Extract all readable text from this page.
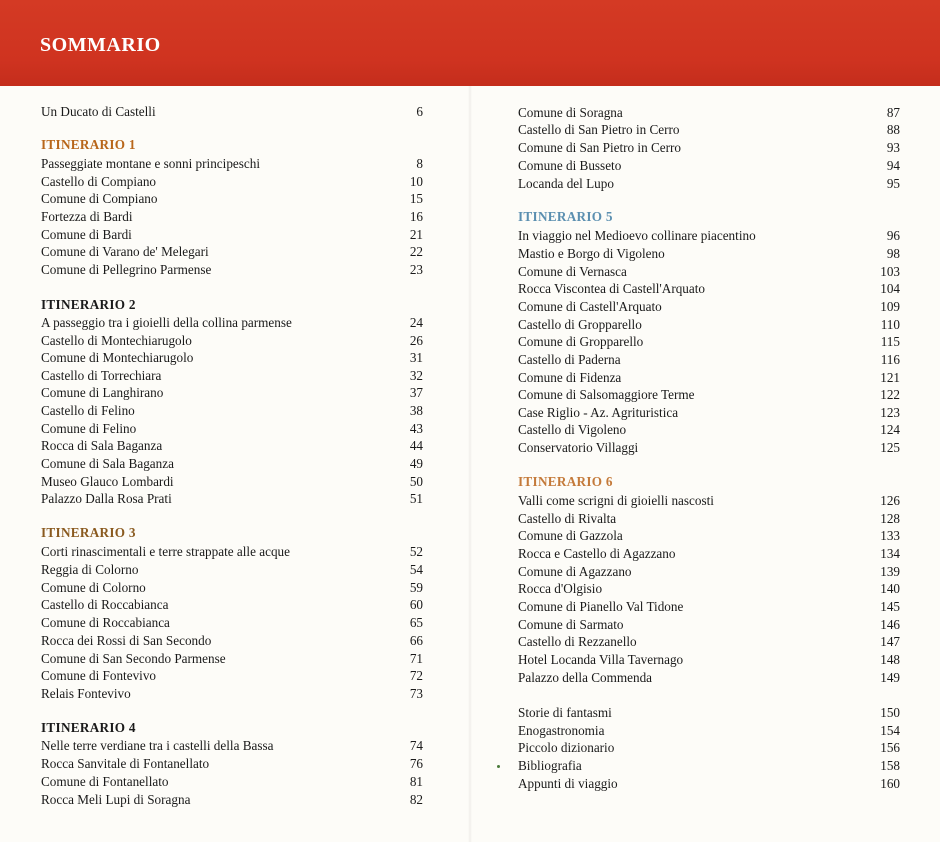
SOMMARIO
Un Ducato di Castelli	6
ITINERARIO 1
Passeggiate montane e sonni principeschi	8
Castello di Compiano	10
Comune di Compiano	15
Fortezza di Bardi	16
Comune di Bardi	21
Comune di Varano de' Melegari	22
Comune di Pellegrino Parmense	23
ITINERARIO 2
A passeggio tra i gioielli della collina parmense	24
Castello di Montechiarugolo	26
Comune di Montechiarugolo	31
Castello di Torrechiara	32
Comune di Langhirano	37
Castello di Felino	38
Comune di Felino	43
Rocca di Sala Baganza	44
Comune di Sala Baganza	49
Museo Glauco Lombardi	50
Palazzo Dalla Rosa Prati	51
ITINERARIO 3
Corti rinascimentali e terre strappate alle acque	52
Reggia di Colorno	54
Comune di Colorno	59
Castello di Roccabianca	60
Comune di Roccabianca	65
Rocca dei Rossi di San Secondo	66
Comune di San Secondo Parmense	71
Comune di Fontevivo	72
Relais Fontevivo	73
ITINERARIO 4
Nelle terre verdiane tra i castelli della Bassa	74
Rocca Sanvitale di Fontanellato	76
Comune di Fontanellato	81
Rocca Meli Lupi di Soragna	82
Comune di Soragna	87
Castello di San Pietro in Cerro	88
Comune di San Pietro in Cerro	93
Comune di Busseto	94
Locanda del Lupo	95
ITINERARIO 5
In viaggio nel Medioevo collinare piacentino	96
Mastio e Borgo di Vigoleno	98
Comune di Vernasca	103
Rocca Viscontea di Castell'Arquato	104
Comune di Castell'Arquato	109
Castello di Gropparello	110
Comune di Gropparello	115
Castello di Paderna	116
Comune di Fidenza	121
Comune di Salsomaggiore Terme	122
Case Riglio - Az. Agrituristica	123
Castello di Vigoleno	124
Conservatorio Villaggi	125
ITINERARIO 6
Valli come scrigni di gioielli nascosti	126
Castello di Rivalta	128
Comune di Gazzola	133
Rocca e Castello di Agazzano	134
Comune di Agazzano	139
Rocca d'Olgisio	140
Comune di Pianello Val Tidone	145
Comune di Sarmato	146
Castello di Rezzanello	147
Hotel Locanda Villa Tavernago	148
Palazzo della Commenda	149
Storie di fantasmi	150
Enogastronomia	154
Piccolo dizionario	156
Bibliografia	158
Appunti di viaggio	160
